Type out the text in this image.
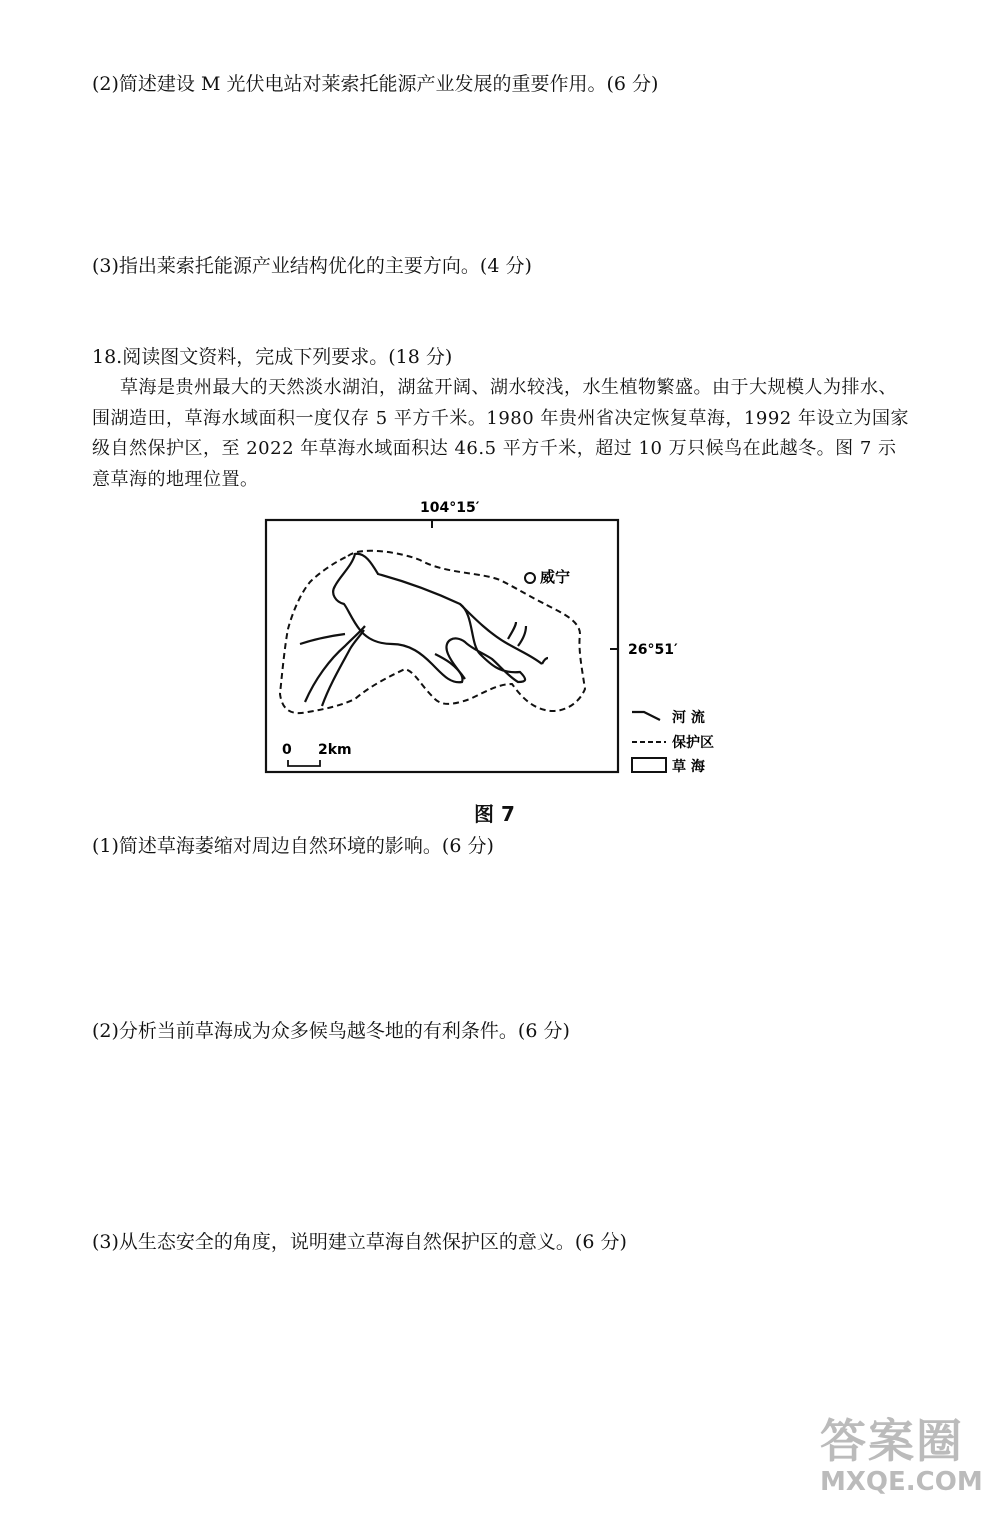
(2)简述建设 M 光伏电站对莱索托能源产业发展的重要作用。(6 分)
(3)指出莱索托能源产业结构优化的主要方向。(4 分)
18.阅读图文资料，完成下列要求。(18 分)
草海是贵州最大的天然淡水湖泊，湖盆开阔、湖水较浅，水生植物繁盛。由于大规模人为排水、围湖造田，草海水域面积一度仅存 5 平方千米。1980 年贵州省决定恢复草海，1992 年设立为国家级自然保护区，至 2022 年草海水域面积达 46.5 平方千米，超过 10 万只候鸟在此越冬。图 7 示意草海的地理位置。
104°15′
26°51′
威宁
0 2km
河 流
保护区
草 海
图 7
(1)简述草海萎缩对周边自然环境的影响。(6 分)
(2)分析当前草海成为众多候鸟越冬地的有利条件。(6 分)
(3)从生态安全的角度，说明建立草海自然保护区的意义。(6 分)
答案圈
MXQE.COM
